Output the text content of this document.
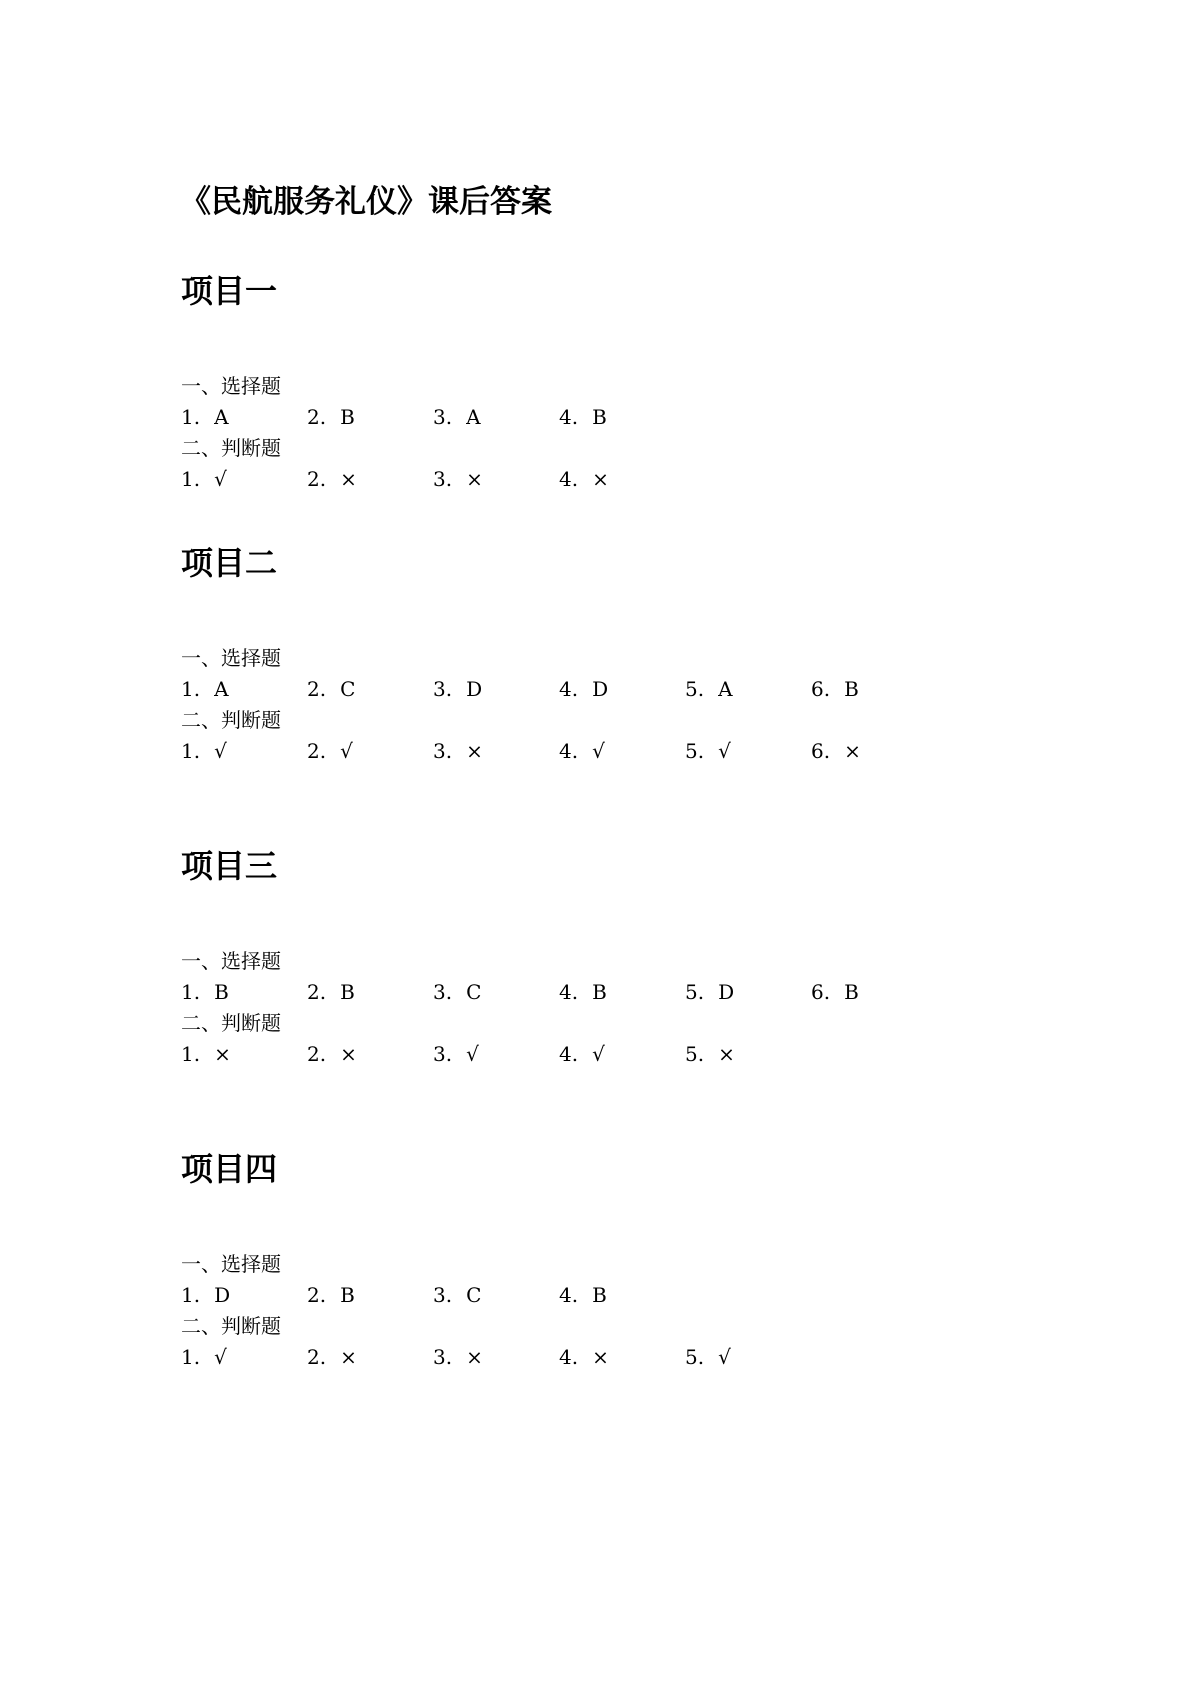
《民航服务礼仪》课后答案
项目一

一、选择题

1. A	2. B	3. A	4. B

二、判断题

1. √	2. ×	3. ×	4. ×
项目二

一、选择题

1. A	2. C	3. D	4. D	5. A	6. B

二、判断题

1. √	2. √	3. ×	4. √	5. √	6. ×
项目三

一、选择题

1. B	2. B	3. C	4. B	5. D	6. B

二、判断题

1. ×	2. ×	3. √	4. √	5. ×
项目四

一、选择题

1. D	2. B	3. C	4. B

二、判断题

1. √	2. ×	3. ×	4. ×	5. √
